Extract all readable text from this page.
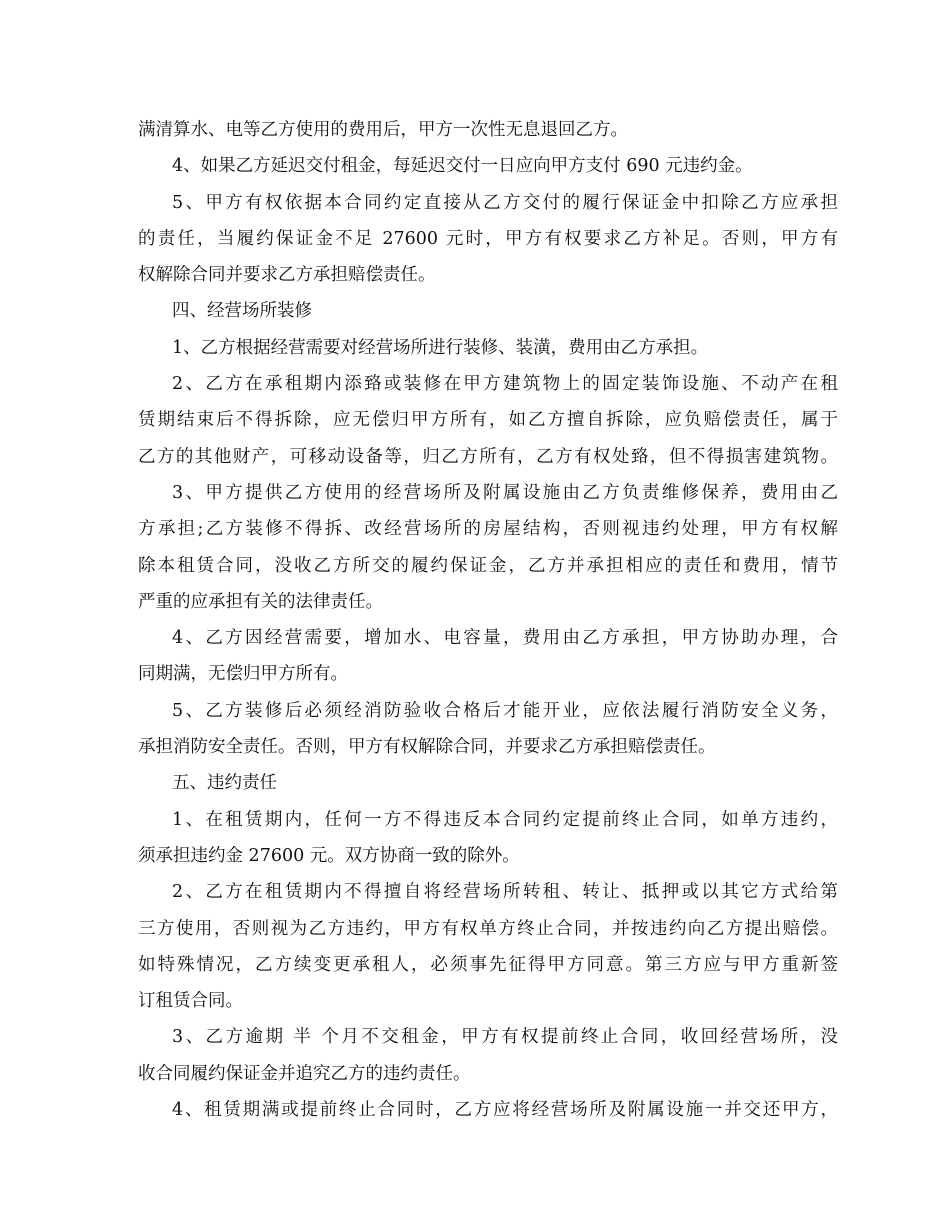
满清算水、电等乙方使用的费用后，甲方一次性无息退回乙方。
4、如果乙方延迟交付租金，每延迟交付一日应向甲方支付 690 元违约金。
5、甲方有权依据本合同约定直接从乙方交付的履行保证金中扣除乙方应承担
的责任，当履约保证金不足 27600 元时，甲方有权要求乙方补足。否则，甲方有
权解除合同并要求乙方承担赔偿责任。
四、经营场所装修
1、乙方根据经营需要对经营场所进行装修、装潢，费用由乙方承担。
2、乙方在承租期内添臵或装修在甲方建筑物上的固定装饰设施、不动产在租
赁期结束后不得拆除，应无偿归甲方所有，如乙方擅自拆除，应负赔偿责任，属于
乙方的其他财产，可移动设备等，归乙方所有，乙方有权处臵，但不得损害建筑物。
3、甲方提供乙方使用的经营场所及附属设施由乙方负责维修保养，费用由乙
方承担;乙方装修不得拆、改经营场所的房屋结构，否则视违约处理，甲方有权解
除本租赁合同，没收乙方所交的履约保证金，乙方并承担相应的责任和费用，情节
严重的应承担有关的法律责任。
4、乙方因经营需要，增加水、电容量，费用由乙方承担，甲方协助办理，合
同期满，无偿归甲方所有。
5、乙方装修后必须经消防验收合格后才能开业，应依法履行消防安全义务，
承担消防安全责任。否则，甲方有权解除合同，并要求乙方承担赔偿责任。
五、违约责任
1、在租赁期内，任何一方不得违反本合同约定提前终止合同，如单方违约，
须承担违约金 27600 元。双方协商一致的除外。
2、乙方在租赁期内不得擅自将经营场所转租、转让、抵押或以其它方式给第
三方使用，否则视为乙方违约，甲方有权单方终止合同，并按违约向乙方提出赔偿。
如特殊情况，乙方续变更承租人，必须事先征得甲方同意。第三方应与甲方重新签
订租赁合同。
3、乙方逾期 半 个月不交租金，甲方有权提前终止合同，收回经营场所，没
收合同履约保证金并追究乙方的违约责任。
4、租赁期满或提前终止合同时，乙方应将经营场所及附属设施一并交还甲方，
